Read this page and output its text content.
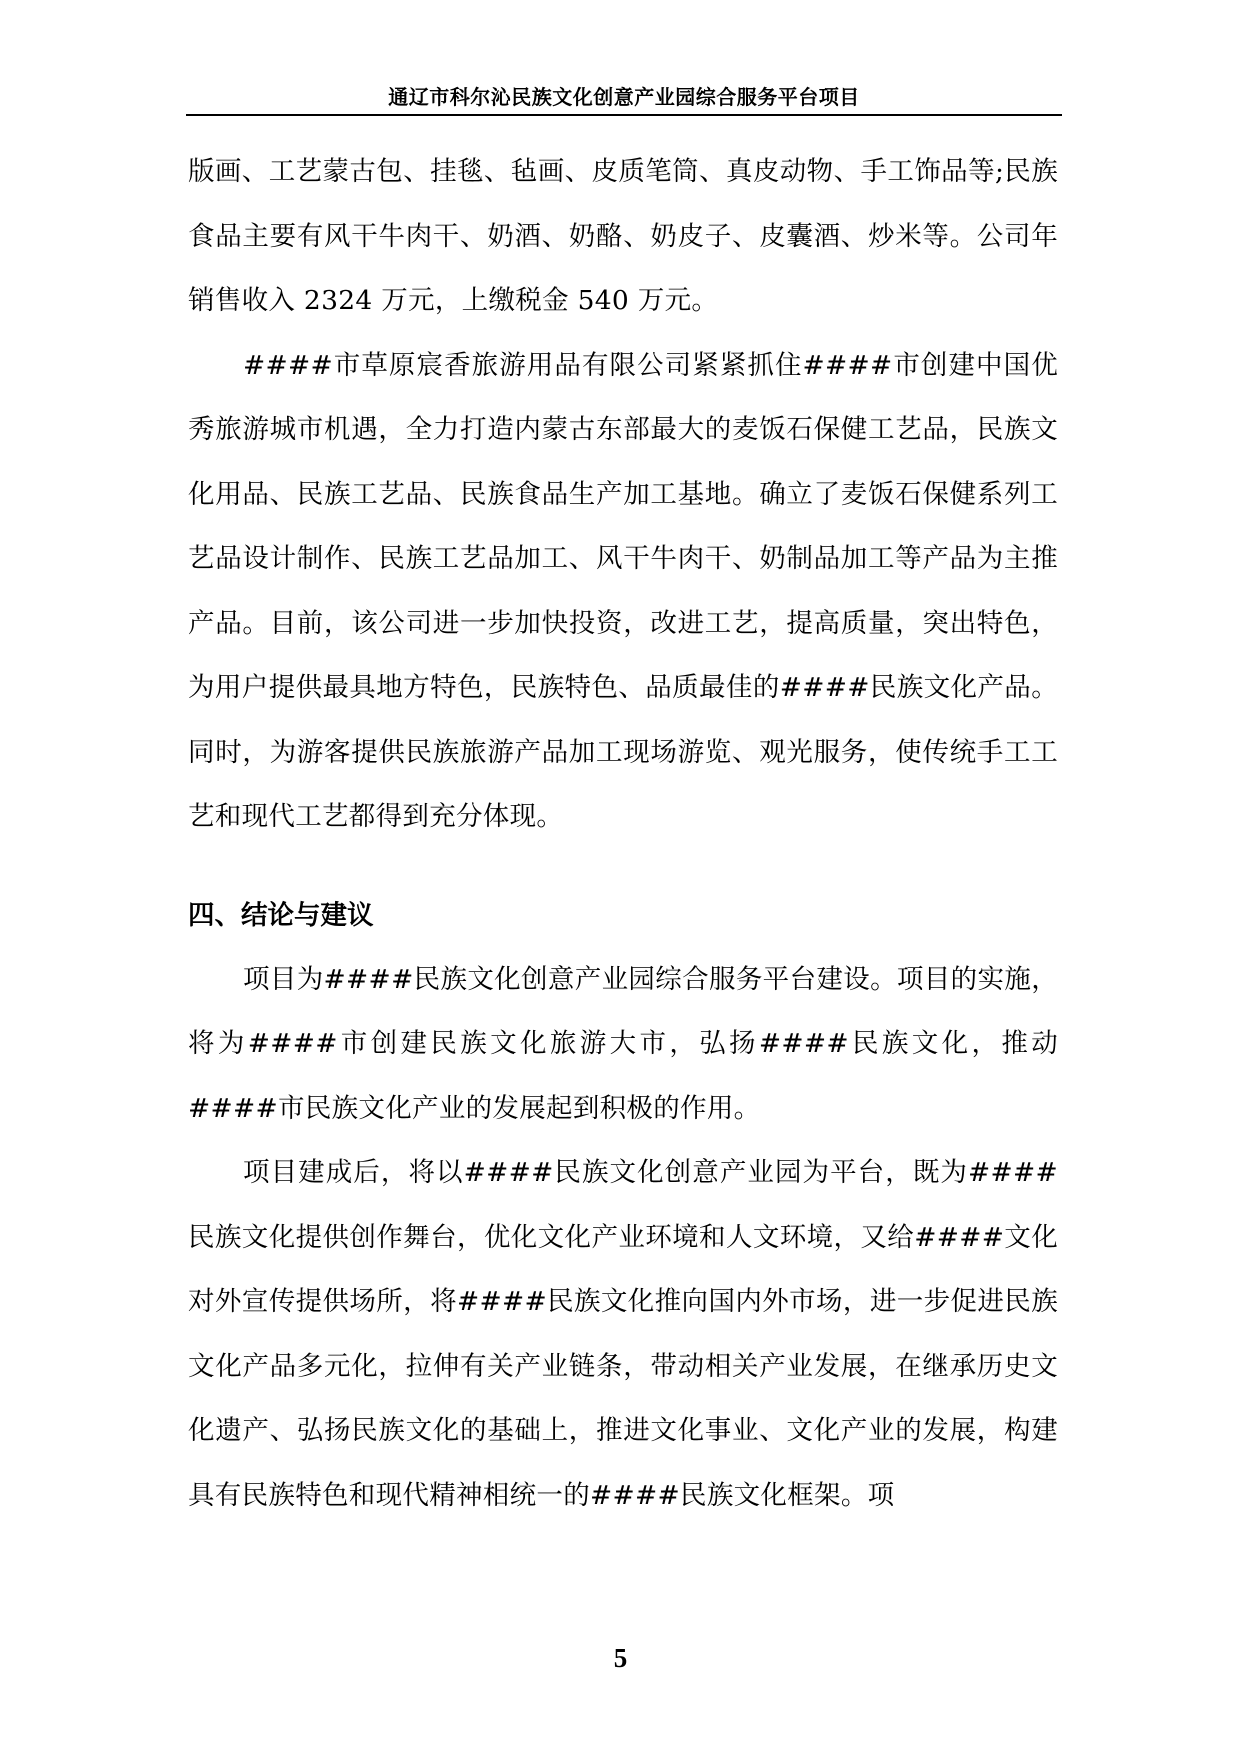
通辽市科尔沁民族文化创意产业园综合服务平台项目

版画、工艺蒙古包、挂毯、毡画、皮质笔筒、真皮动物、手工饰品等;民族食品主要有风干牛肉干、奶酒、奶酪、奶皮子、皮囊酒、炒米等。公司年销售收入 2324 万元，上缴税金 540 万元。

####市草原宸香旅游用品有限公司紧紧抓住####市创建中国优秀旅游城市机遇，全力打造内蒙古东部最大的麦饭石保健工艺品，民族文化用品、民族工艺品、民族食品生产加工基地。确立了麦饭石保健系列工艺品设计制作、民族工艺品加工、风干牛肉干、奶制品加工等产品为主推产品。目前，该公司进一步加快投资，改进工艺，提高质量，突出特色，为用户提供最具地方特色，民族特色、品质最佳的####民族文化产品。同时，为游客提供民族旅游产品加工现场游览、观光服务，使传统手工工艺和现代工艺都得到充分体现。

四、结论与建议

项目为####民族文化创意产业园综合服务平台建设。项目的实施，将为####市创建民族文化旅游大市，弘扬####民族文化，推动####市民族文化产业的发展起到积极的作用。

项目建成后，将以####民族文化创意产业园为平台，既为####民族文化提供创作舞台，优化文化产业环境和人文环境，又给####文化对外宣传提供场所，将####民族文化推向国内外市场，进一步促进民族文化产品多元化，拉伸有关产业链条，带动相关产业发展，在继承历史文化遗产、弘扬民族文化的基础上，推进文化事业、文化产业的发展，构建具有民族特色和现代精神相统一的####民族文化框架。项

5
